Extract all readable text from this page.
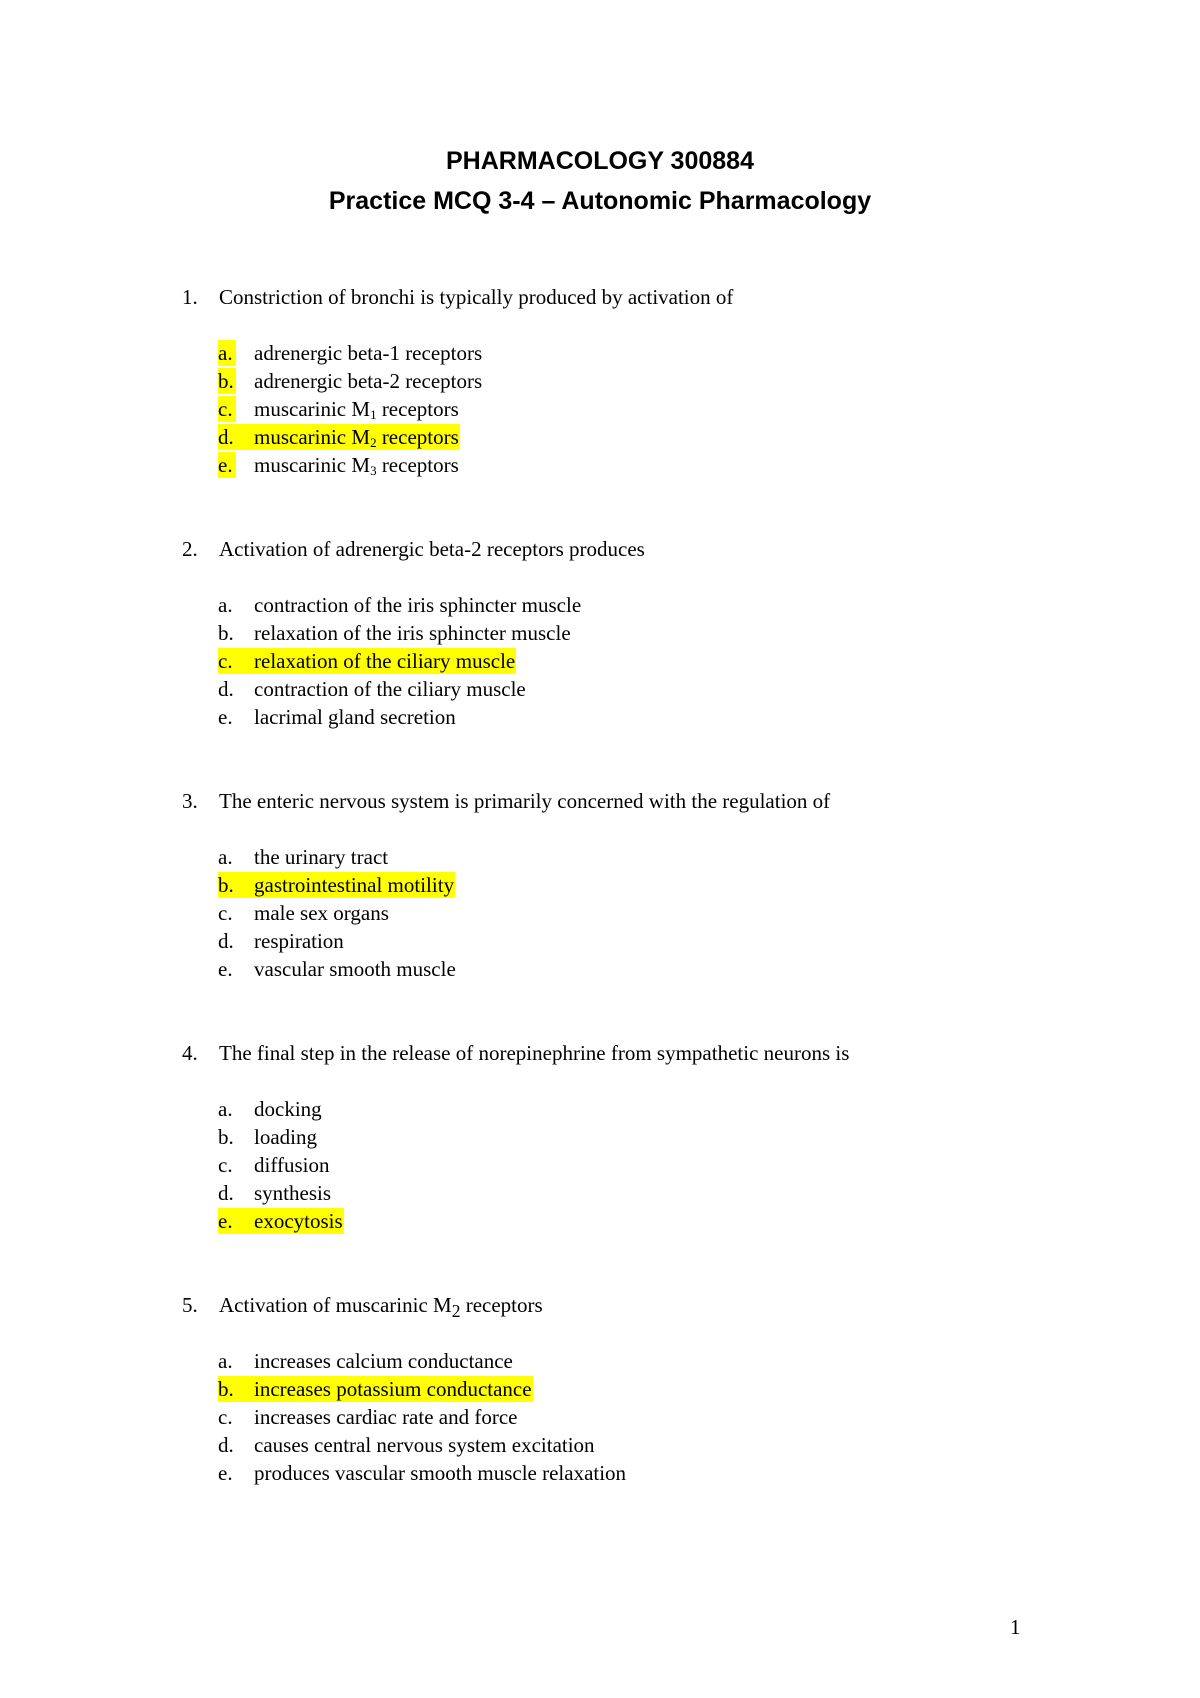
PHARMACOLOGY 300884
Practice MCQ 3-4 – Autonomic Pharmacology
1. Constriction of bronchi is typically produced by activation of
a. adrenergic beta-1 receptors
b. adrenergic beta-2 receptors
c. muscarinic $M_1$ receptors
d. muscarinic $M_2$ receptors
e. muscarinic $M_3$ receptors
2. Activation of adrenergic beta-2 receptors produces
a. contraction of the iris sphincter muscle
b. relaxation of the iris sphincter muscle
c. relaxation of the ciliary muscle
d. contraction of the ciliary muscle
e. lacrimal gland secretion
3. The enteric nervous system is primarily concerned with the regulation of
a. the urinary tract
b. gastrointestinal motility
c. male sex organs
d. respiration
e. vascular smooth muscle
4. The final step in the release of norepinephrine from sympathetic neurons is
a. docking
b. loading
c. diffusion
d. synthesis
e. exocytosis
5. Activation of muscarinic $M_2$ receptors
a. increases calcium conductance
b. increases potassium conductance
c. increases cardiac rate and force
d. causes central nervous system excitation
e. produces vascular smooth muscle relaxation
1
